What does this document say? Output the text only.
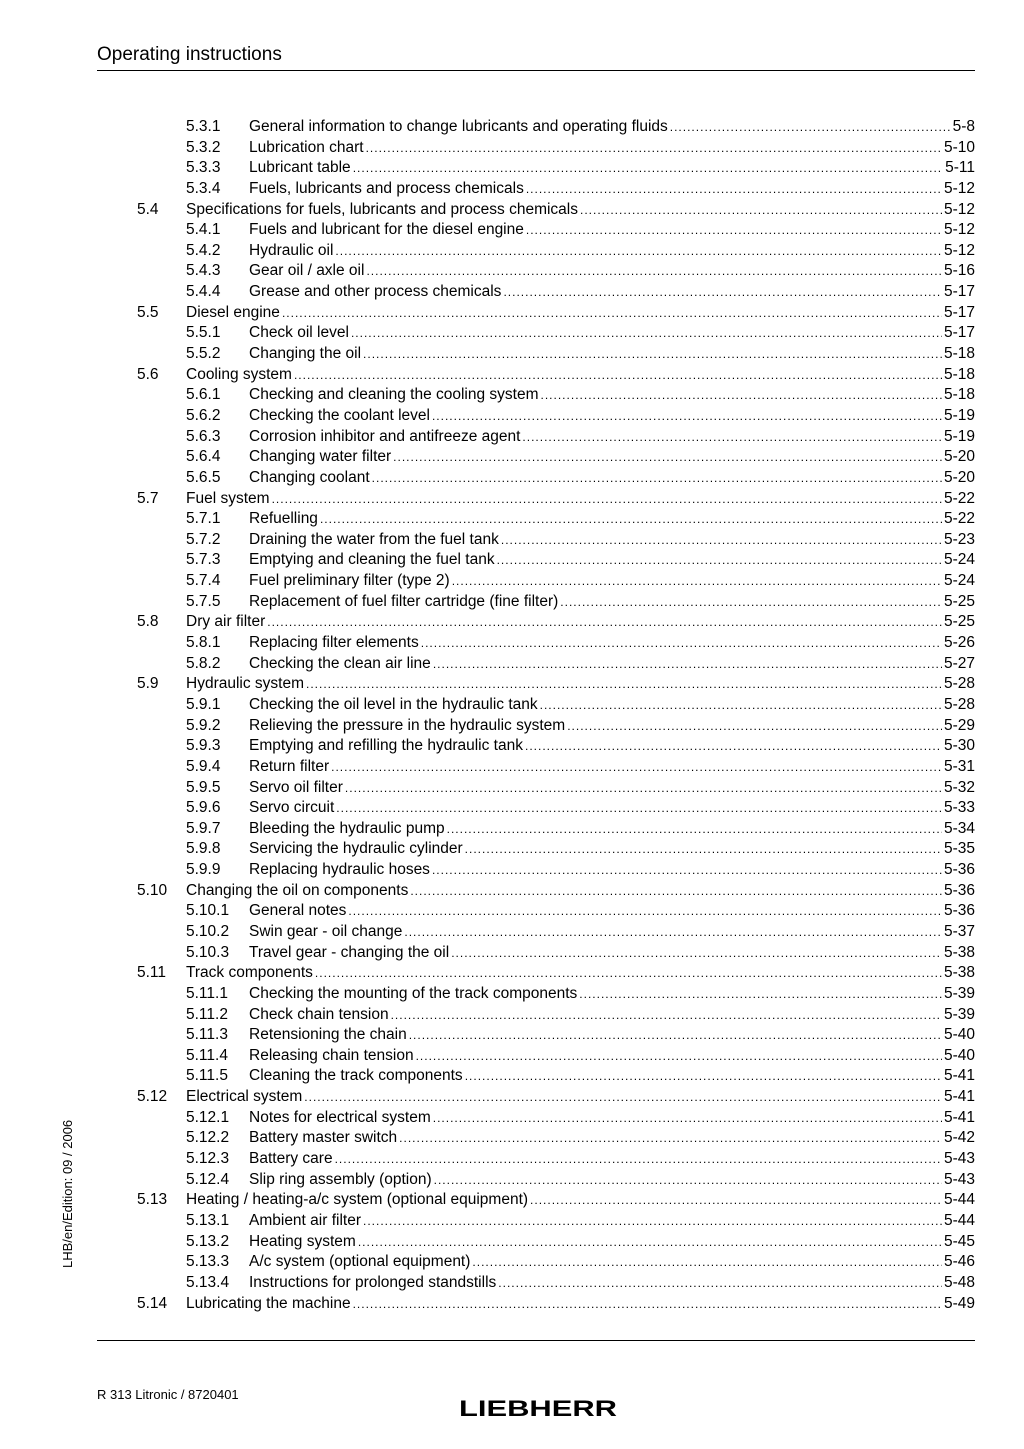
Operating instructions
5.3.1 General information to change lubricants and operating fluids .....	5-8
5.3.2 Lubrication chart .....	5-10
5.3.3 Lubricant table .....	5-11
5.3.4 Fuels, lubricants and process chemicals .....	5-12
5.4 Specifications for fuels, lubricants and process chemicals .....	5-12
5.4.1 Fuels and lubricant for the diesel engine .....	5-12
5.4.2 Hydraulic oil .....	5-12
5.4.3 Gear oil / axle oil .....	5-16
5.4.4 Grease and other process chemicals .....	5-17
5.5 Diesel engine .....	5-17
5.5.1 Check oil level .....	5-17
5.5.2 Changing the oil .....	5-18
5.6 Cooling system .....	5-18
5.6.1 Checking and cleaning the cooling system .....	5-18
5.6.2 Checking the coolant level .....	5-19
5.6.3 Corrosion inhibitor and antifreeze agent .....	5-19
5.6.4 Changing water filter .....	5-20
5.6.5 Changing coolant .....	5-20
5.7 Fuel system .....	5-22
5.7.1 Refuelling .....	5-22
5.7.2 Draining the water from the fuel tank .....	5-23
5.7.3 Emptying and cleaning the fuel tank .....	5-24
5.7.4 Fuel preliminary filter (type 2) .....	5-24
5.7.5 Replacement of fuel filter cartridge (fine filter) .....	5-25
5.8 Dry air filter .....	5-25
5.8.1 Replacing filter elements .....	5-26
5.8.2 Checking the clean air line .....	5-27
5.9 Hydraulic system .....	5-28
5.9.1 Checking the oil level in the hydraulic tank .....	5-28
5.9.2 Relieving the pressure in the hydraulic system .....	5-29
5.9.3 Emptying and refilling the hydraulic tank .....	5-30
5.9.4 Return filter .....	5-31
5.9.5 Servo oil filter .....	5-32
5.9.6 Servo circuit .....	5-33
5.9.7 Bleeding the hydraulic pump .....	5-34
5.9.8 Servicing the hydraulic cylinder .....	5-35
5.9.9 Replacing hydraulic hoses .....	5-36
5.10 Changing the oil on components .....	5-36
5.10.1 General notes .....	5-36
5.10.2 Swin gear - oil change .....	5-37
5.10.3 Travel gear - changing the oil .....	5-38
5.11 Track components .....	5-38
5.11.1 Checking the mounting of the track components .....	5-39
5.11.2 Check chain tension .....	5-39
5.11.3 Retensioning the chain .....	5-40
5.11.4 Releasing chain tension .....	5-40
5.11.5 Cleaning the track components .....	5-41
5.12 Electrical system .....	5-41
5.12.1 Notes for electrical system .....	5-41
5.12.2 Battery master switch .....	5-42
5.12.3 Battery care .....	5-43
5.12.4 Slip ring assembly (option) .....	5-43
5.13 Heating / heating-a/c system (optional equipment) .....	5-44
5.13.1 Ambient air filter .....	5-44
5.13.2 Heating system .....	5-45
5.13.3 A/c system (optional equipment) .....	5-46
5.13.4 Instructions for prolonged standstills .....	5-48
5.14 Lubricating the machine .....	5-49
LHB/en/Edition: 09 / 2006
R 313 Litronic / 8720401
LIEBHERR
